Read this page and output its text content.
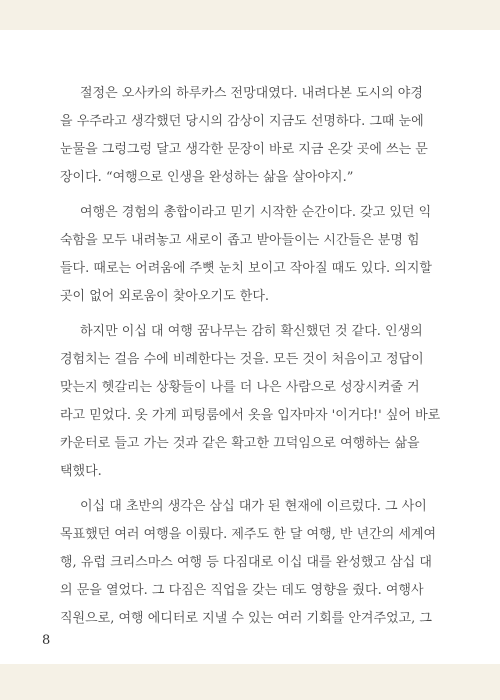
절정은 오사카의 하루카스 전망대였다. 내려다본 도시의 야경
을 우주라고 생각했던 당시의 감상이 지금도 선명하다. 그때 눈에
눈물을 그렁그렁 달고 생각한 문장이 바로 지금 온갖 곳에 쓰는 문
장이다. “여행으로 인생을 완성하는 삶을 살아야지.”
여행은 경험의 총합이라고 믿기 시작한 순간이다. 갖고 있던 익
숙함을 모두 내려놓고 새로이 좁고 받아들이는 시간들은 분명 힘
들다. 때로는 어려움에 주뼛 눈치 보이고 작아질 때도 있다. 의지할
곳이 없어 외로움이 찾아오기도 한다.
하지만 이십 대 여행 꿈나무는 감히 확신했던 것 같다. 인생의
경험치는 걸음 수에 비례한다는 것을. 모든 것이 처음이고 정답이
맞는지 헷갈리는 상황들이 나를 더 나은 사람으로 성장시켜줄 거
라고 믿었다. 옷 가게 피팅룸에서 옷을 입자마자 '이거다!' 싶어 바로
카운터로 들고 가는 것과 같은 확고한 끄덕임으로 여행하는 삶을
택했다.
이십 대 초반의 생각은 삼십 대가 된 현재에 이르렀다. 그 사이
목표했던 여러 여행을 이뤘다. 제주도 한 달 여행, 반 년간의 세계여
행, 유럽 크리스마스 여행 등 다짐대로 이십 대를 완성했고 삼십 대
의 문을 열었다. 그 다짐은 직업을 갖는 데도 영향을 줬다. 여행사
직원으로, 여행 에디터로 지낼 수 있는 여러 기회를 안겨주었고, 그
8
